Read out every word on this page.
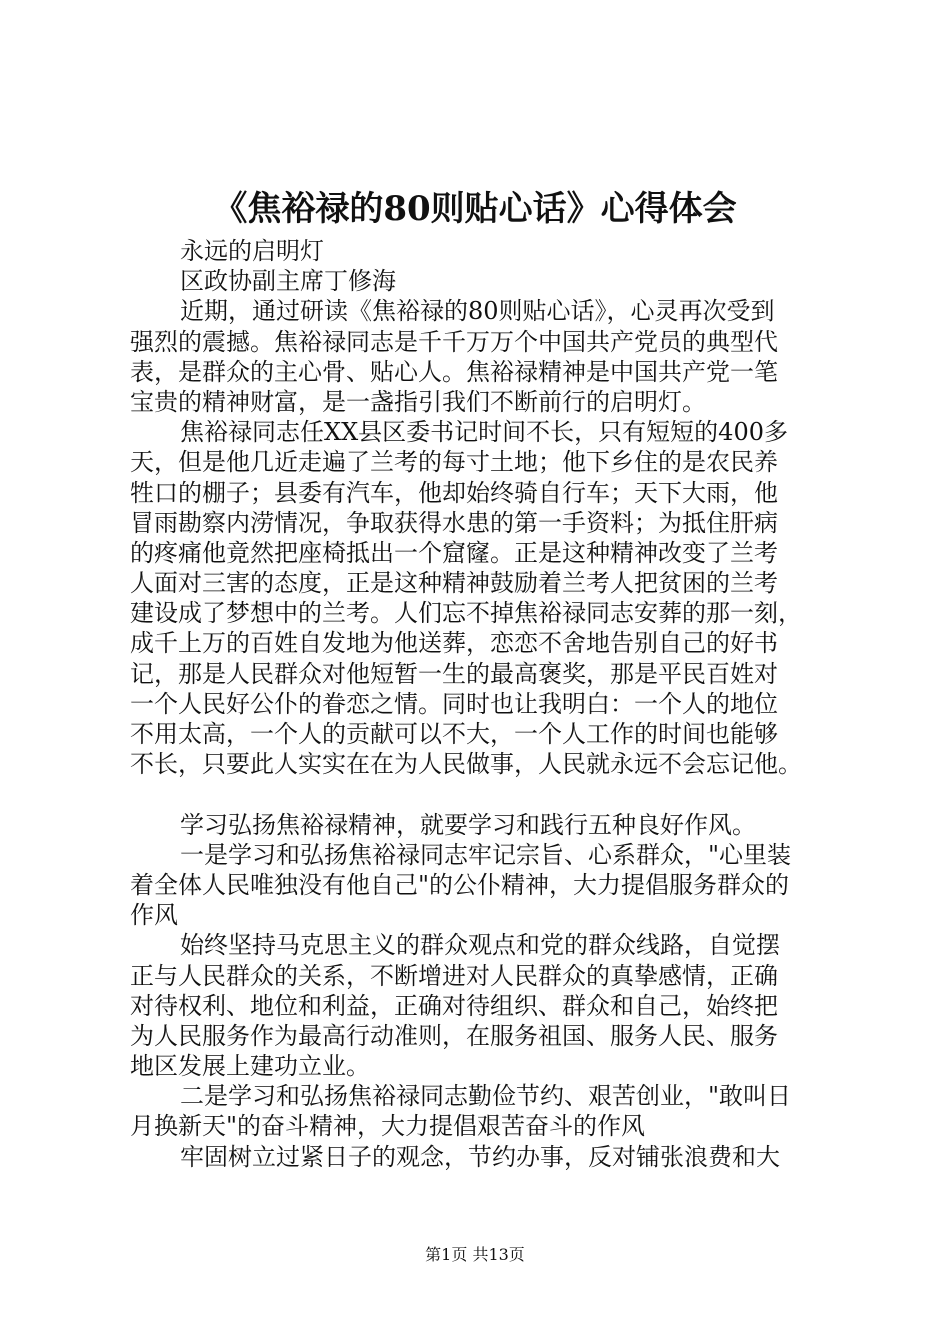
《焦裕禄的80则贴心话》心得体会
永远的启明灯
区政协副主席丁修海
近期，通过研读《焦裕禄的80则贴心话》，心灵再次受到
强烈的震撼。焦裕禄同志是千千万万个中国共产党员的典型代
表，是群众的主心骨、贴心人。焦裕禄精神是中国共产党一笔
宝贵的精神财富，是一盏指引我们不断前行的启明灯。
焦裕禄同志任XX县区委书记时间不长，只有短短的400多
天，但是他几近走遍了兰考的每寸土地；他下乡住的是农民养
牲口的棚子；县委有汽车，他却始终骑自行车；天下大雨，他
冒雨勘察内涝情况，争取获得水患的第一手资料；为抵住肝病
的疼痛他竟然把座椅抵出一个窟窿。正是这种精神改变了兰考
人面对三害的态度，正是这种精神鼓励着兰考人把贫困的兰考
建设成了梦想中的兰考。人们忘不掉焦裕禄同志安葬的那一刻，
成千上万的百姓自发地为他送葬，恋恋不舍地告别自己的好书
记，那是人民群众对他短暂一生的最高褒奖，那是平民百姓对
一个人民好公仆的眷恋之情。同时也让我明白：一个人的地位
不用太高，一个人的贡献可以不大，一个人工作的时间也能够
不长，只要此人实实在在为人民做事，人民就永远不会忘记他。
学习弘扬焦裕禄精神，就要学习和践行五种良好作风。
一是学习和弘扬焦裕禄同志牢记宗旨、心系群众，"心里装
着全体人民唯独没有他自己"的公仆精神，大力提倡服务群众的
作风
始终坚持马克思主义的群众观点和党的群众线路，自觉摆
正与人民群众的关系，不断增进对人民群众的真挚感情，正确
对待权利、地位和利益，正确对待组织、群众和自己，始终把
为人民服务作为最高行动准则，在服务祖国、服务人民、服务
地区发展上建功立业。
二是学习和弘扬焦裕禄同志勤俭节约、艰苦创业，"敢叫日
月换新天"的奋斗精神，大力提倡艰苦奋斗的作风
牢固树立过紧日子的观念，节约办事，反对铺张浪费和大
第1页 共13页
